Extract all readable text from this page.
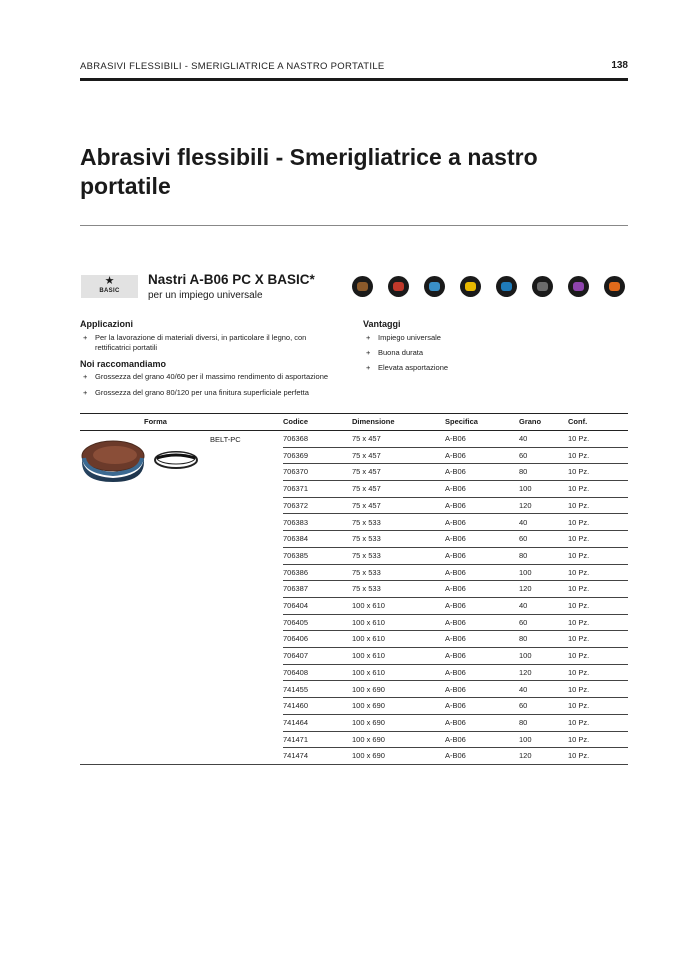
ABRASIVI FLESSIBILI - SMERIGLIATRICE A NASTRO PORTATILE	138
Abrasivi flessibili - Smerigliatrice a nastro portatile
★
BASIC
Nastri A-B06 PC X BASIC*
per un impiego universale
Applicazioni
+	Per la lavorazione di materiali diversi, in particolare il legno, con rettificatrici portatili
Noi raccomandiamo
+	Grossezza del grano 40/60 per il massimo rendimento di asportazione
+	Grossezza del grano 80/120 per una finitura superficiale perfetta
Vantaggi
+	Impiego universale
+	Buona durata
+	Elevata asportazione
Forma	Codice	Dimensione	Specifica	Grano	Conf.
BELT-PC	706368	75 x 457	A-B06	40	10 Pz.
706369	75 x 457	A-B06	60	10 Pz.
706370	75 x 457	A-B06	80	10 Pz.
706371	75 x 457	A-B06	100	10 Pz.
706372	75 x 457	A-B06	120	10 Pz.
706383	75 x 533	A-B06	40	10 Pz.
706384	75 x 533	A-B06	60	10 Pz.
706385	75 x 533	A-B06	80	10 Pz.
706386	75 x 533	A-B06	100	10 Pz.
706387	75 x 533	A-B06	120	10 Pz.
706404	100 x 610	A-B06	40	10 Pz.
706405	100 x 610	A-B06	60	10 Pz.
706406	100 x 610	A-B06	80	10 Pz.
706407	100 x 610	A-B06	100	10 Pz.
706408	100 x 610	A-B06	120	10 Pz.
741455	100 x 690	A-B06	40	10 Pz.
741460	100 x 690	A-B06	60	10 Pz.
741464	100 x 690	A-B06	80	10 Pz.
741471	100 x 690	A-B06	100	10 Pz.
741474	100 x 690	A-B06	120	10 Pz.
